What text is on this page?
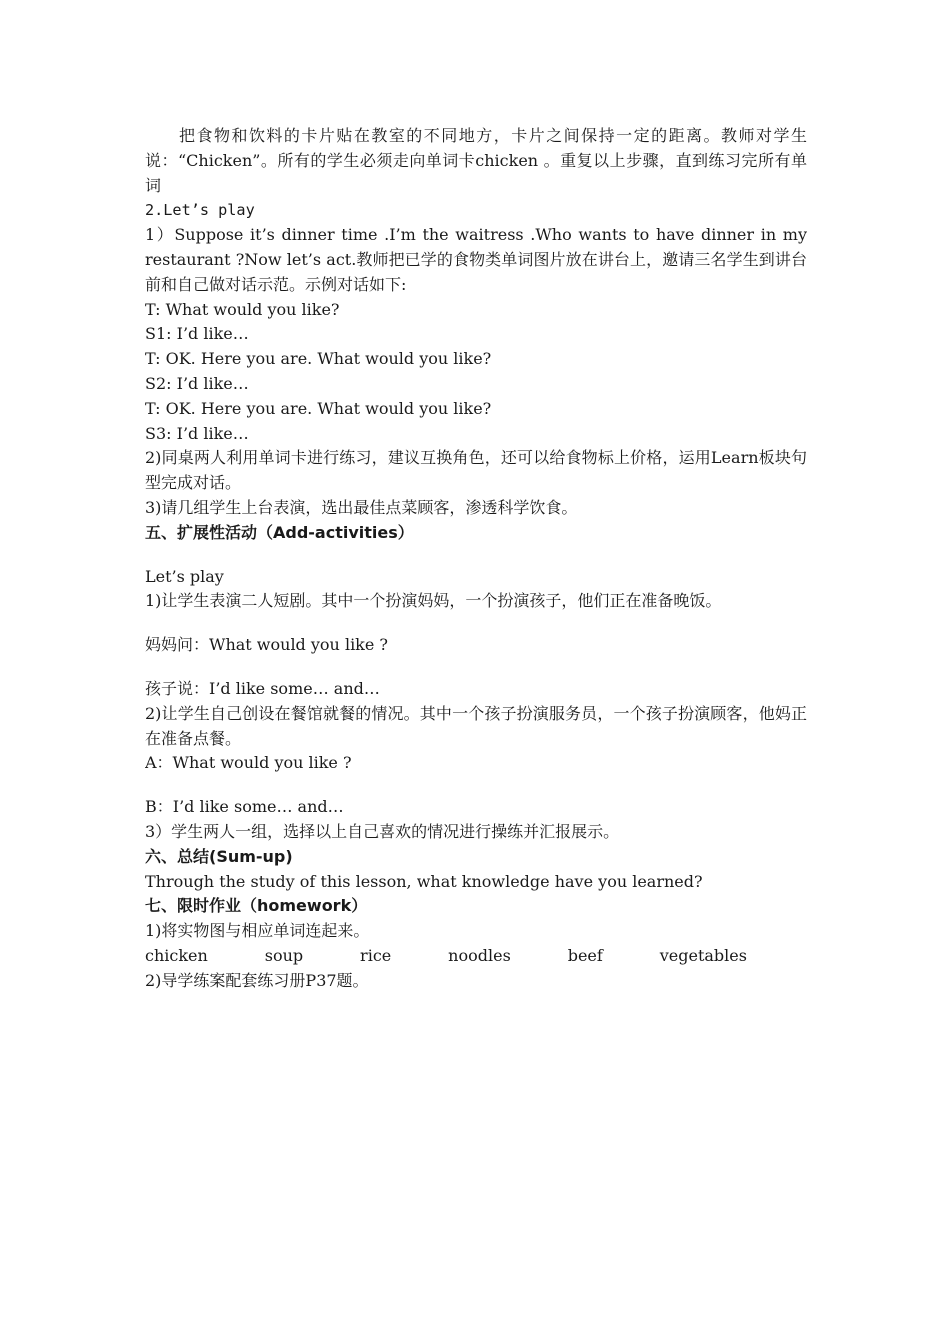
把食物和饮料的卡片贴在教室的不同地方，卡片之间保持一定的距离。教师对学生说：“Chicken”。所有的学生必须走向单词卡chicken 。重复以上步骤，直到练习完所有单词
2.Let’s play
1）Suppose it’s dinner time .I’m the waitress .Who wants to have dinner in my restaurant ?Now let’s act.教师把已学的食物类单词图片放在讲台上，邀请三名学生到讲台前和自己做对话示范。示例对话如下:
T: What would you like?
S1: I’d like…
T: OK. Here you are. What would you like?
S2: I’d like…
T: OK. Here you are. What would you like?
S3: I’d like…
2)同桌两人利用单词卡进行练习，建议互换角色，还可以给食物标上价格，运用Learn板块句型完成对话。
3)请几组学生上台表演，选出最佳点菜顾客，渗透科学饮食。
五、扩展性活动（Add-activities）
Let’s play
1)让学生表演二人短剧。其中一个扮演妈妈，一个扮演孩子，他们正在准备晚饭。
妈妈问：What would you like ?
孩子说：I’d like some… and…
2)让学生自己创设在餐馆就餐的情况。其中一个孩子扮演服务员，一个孩子扮演顾客，他妈正在准备点餐。
A：What would you like ?
B：I’d like some… and…
3）学生两人一组，选择以上自己喜欢的情况进行操练并汇报展示。
六、总结(Sum-up)
Through the study of this lesson, what knowledge have you learned?
七、限时作业（homework）
1)将实物图与相应单词连起来。
chicken	soup	rice	noodles	beef	vegetables
2)导学练案配套练习册P37题。
